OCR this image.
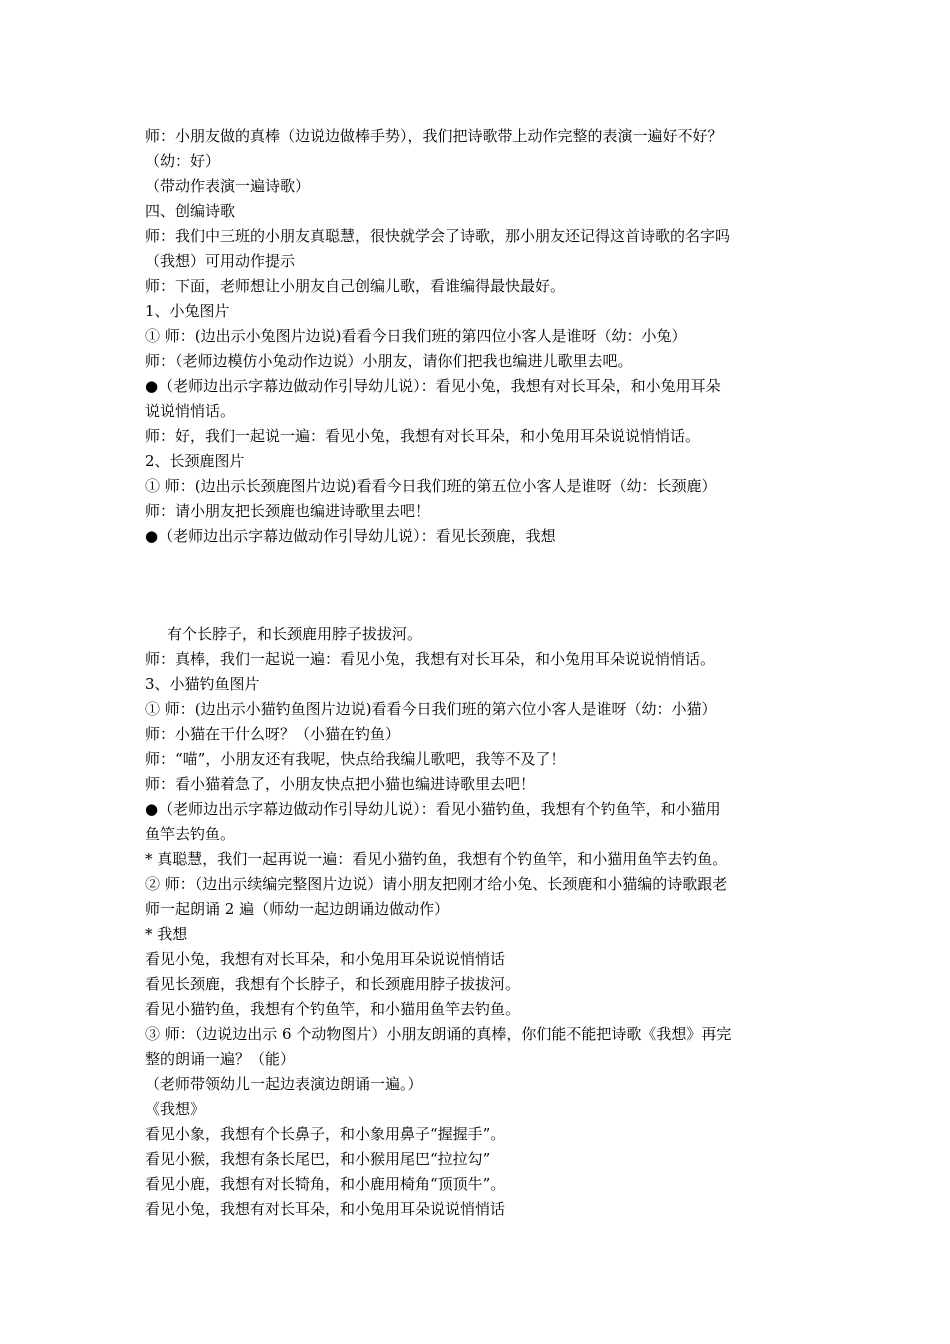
师：小朋友做的真棒（边说边做棒手势），我们把诗歌带上动作完整的表演一遍好不好？
（幼：好）
（带动作表演一遍诗歌）
四、创编诗歌
师：我们中三班的小朋友真聪慧，很快就学会了诗歌，那小朋友还记得这首诗歌的名字吗
（我想）可用动作提示
师：下面，老师想让小朋友自己创编儿歌，看谁编得最快最好。
1、小兔图片
① 师：(边出示小兔图片边说)看看今日我们班的第四位小客人是谁呀（幼：小兔）
师：（老师边模仿小兔动作边说）小朋友，请你们把我也编进儿歌里去吧。
●（老师边出示字幕边做动作引导幼儿说）：看见小兔，我想有对长耳朵，和小兔用耳朵
说说悄悄话。
师：好，我们一起说一遍：看见小兔，我想有对长耳朵，和小兔用耳朵说说悄悄话。
2、长颈鹿图片
① 师：(边出示长颈鹿图片边说)看看今日我们班的第五位小客人是谁呀（幼：长颈鹿）
师：请小朋友把长颈鹿也编进诗歌里去吧！
●（老师边出示字幕边做动作引导幼儿说）：看见长颈鹿，我想
有个长脖子，和长颈鹿用脖子拔拔河。
师：真棒，我们一起说一遍：看见小兔，我想有对长耳朵，和小兔用耳朵说说悄悄话。
3、小猫钓鱼图片
① 师：(边出示小猫钓鱼图片边说)看看今日我们班的第六位小客人是谁呀（幼：小猫）
师：小猫在干什么呀？（小猫在钓鱼）
师：“喵”，小朋友还有我呢，快点给我编儿歌吧，我等不及了！
师：看小猫着急了，小朋友快点把小猫也编进诗歌里去吧！
●（老师边出示字幕边做动作引导幼儿说）：看见小猫钓鱼，我想有个钓鱼竿，和小猫用
鱼竿去钓鱼。
* 真聪慧，我们一起再说一遍：看见小猫钓鱼，我想有个钓鱼竿，和小猫用鱼竿去钓鱼。
② 师：（边出示续编完整图片边说）请小朋友把刚才给小兔、长颈鹿和小猫编的诗歌跟老
师一起朗诵 2 遍（师幼一起边朗诵边做动作）
* 我想
看见小兔，我想有对长耳朵，和小兔用耳朵说说悄悄话
看见长颈鹿，我想有个长脖子，和长颈鹿用脖子拔拔河。
看见小猫钓鱼，我想有个钓鱼竿，和小猫用鱼竿去钓鱼。
③ 师：（边说边出示 6 个动物图片）小朋友朗诵的真棒，你们能不能把诗歌《我想》再完
整的朗诵一遍？（能）
（老师带领幼儿一起边表演边朗诵一遍。）
《我想》
看见小象，我想有个长鼻子，和小象用鼻子“握握手”。
看见小猴，我想有条长尾巴，和小猴用尾巴“拉拉勾”
看见小鹿，我想有对长犄角，和小鹿用椅角“顶顶牛”。
看见小兔，我想有对长耳朵，和小兔用耳朵说说悄悄话
